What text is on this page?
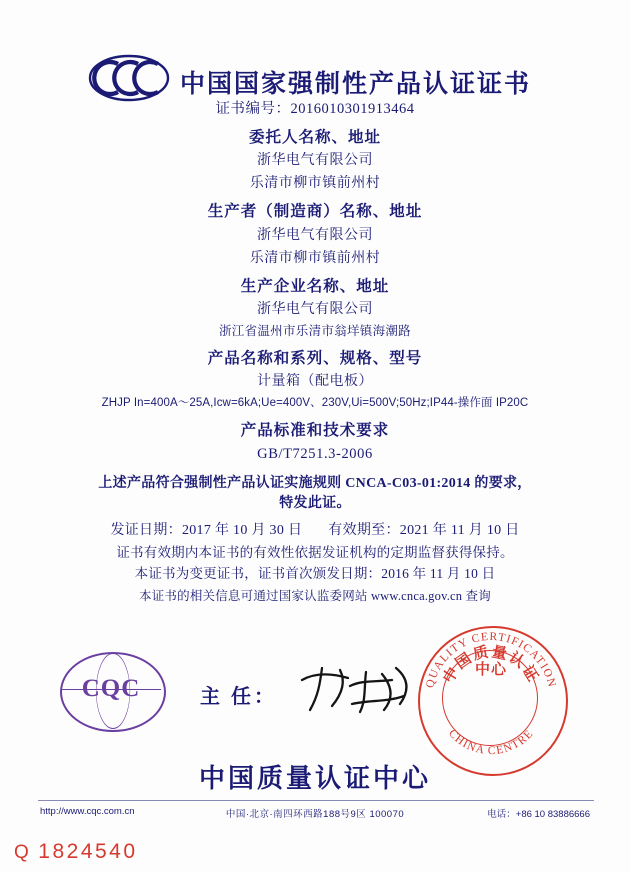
中国国家强制性产品认证证书
证书编号：2016010301913464
委托人名称、地址
浙华电气有限公司
乐清市柳市镇前州村
生产者（制造商）名称、地址
浙华电气有限公司
乐清市柳市镇前州村
生产企业名称、地址
浙华电气有限公司
浙江省温州市乐清市翁垟镇海潮路
产品名称和系列、规格、型号
计量箱（配电板）
ZHJP In=400A～25A,Icw=6kA;Ue=400V、230V,Ui=500V;50Hz;IP44-操作面 IP20C
产品标准和技术要求
GB/T7251.3-2006
上述产品符合强制性产品认证实施规则 CNCA-C03-01:2014 的要求，
特发此证。
发证日期：2017 年 10 月 30 日 有效期至：2021 年 11 月 10 日
证书有效期内本证书的有效性依据发证机构的定期监督获得保持。
本证书为变更证书，证书首次颁发日期：2016 年 11 月 10 日
本证书的相关信息可通过国家认监委网站 www.cnca.gov.cn 查询
CQC	主 任：
QUALITY CERTIFICATION
CHINA CENTRE
中国质量认证
中心
中国质量认证中心
http://www.cqc.com.cn	中国·北京·南四环西路188号9区 100070	电话：+86 10 83886666
Q 1824540
